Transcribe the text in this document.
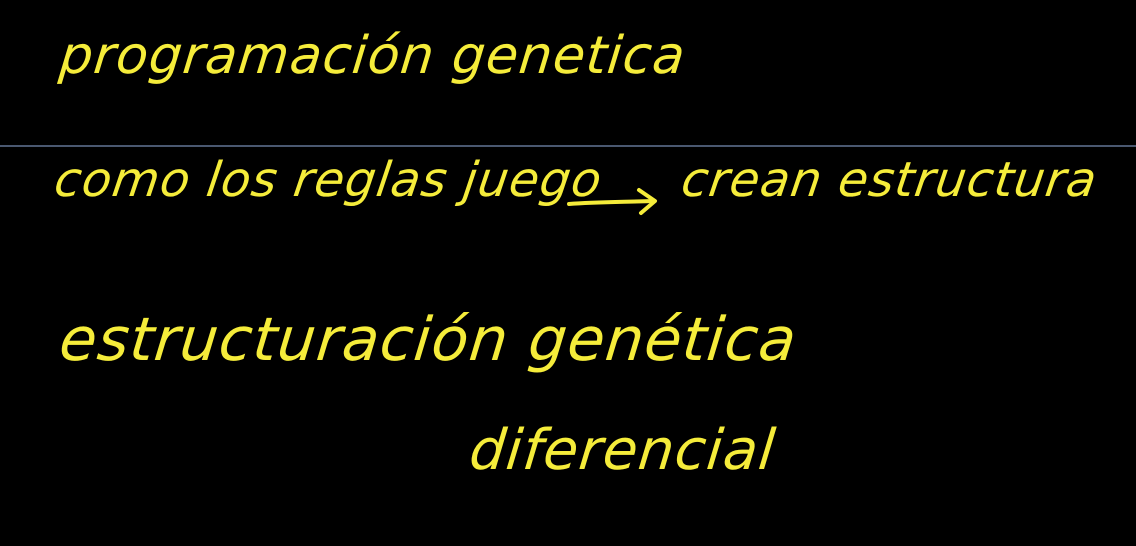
programación genetica
como los reglas juego crean estructura
estructuración genética
diferencial
